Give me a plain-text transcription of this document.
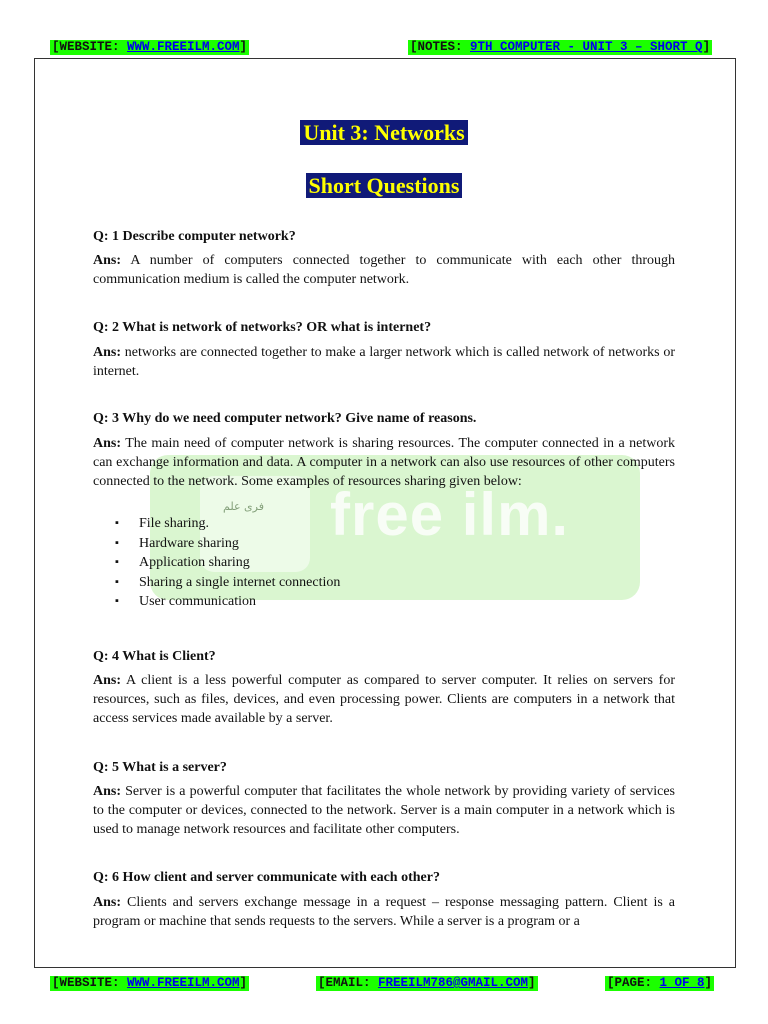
[WEBSITE: WWW.FREEILM.COM]	[NOTES: 9TH COMPUTER - UNIT 3 – SHORT Q]
فری علم free ilm.
Unit 3: Networks
Short Questions
Q: 1 Describe computer network?
Ans: A number of computers connected together to communicate with each other through communication medium is called the computer network.
Q: 2 What is network of networks? OR what is internet?
Ans: networks are connected together to make a larger network which is called network of networks or internet.
Q: 3 Why do we need computer network? Give name of reasons.
Ans: The main need of computer network is sharing resources. The computer connected in a network can exchange information and data. A computer in a network can also use resources of other computers connected to the network. Some examples of resources sharing given below:
▪ File sharing.
▪ Hardware sharing
▪ Application sharing
▪ Sharing a single internet connection
▪ User communication
Q: 4 What is Client?
Ans: A client is a less powerful computer as compared to server computer. It relies on servers for resources, such as files, devices, and even processing power. Clients are computers in a network that access services made available by a server.
Q: 5 What is a server?
Ans: Server is a powerful computer that facilitates the whole network by providing variety of services to the computer or devices, connected to the network. Server is a main computer in a network which is used to manage network resources and facilitate other computers.
Q: 6 How client and server communicate with each other?
Ans: Clients and servers exchange message in a request – response messaging pattern. Client is a program or machine that sends requests to the servers. While a server is a program or a
[WEBSITE: WWW.FREEILM.COM]	[EMAIL: FREEILM786@GMAIL.COM]	[PAGE: 1 OF 8]
